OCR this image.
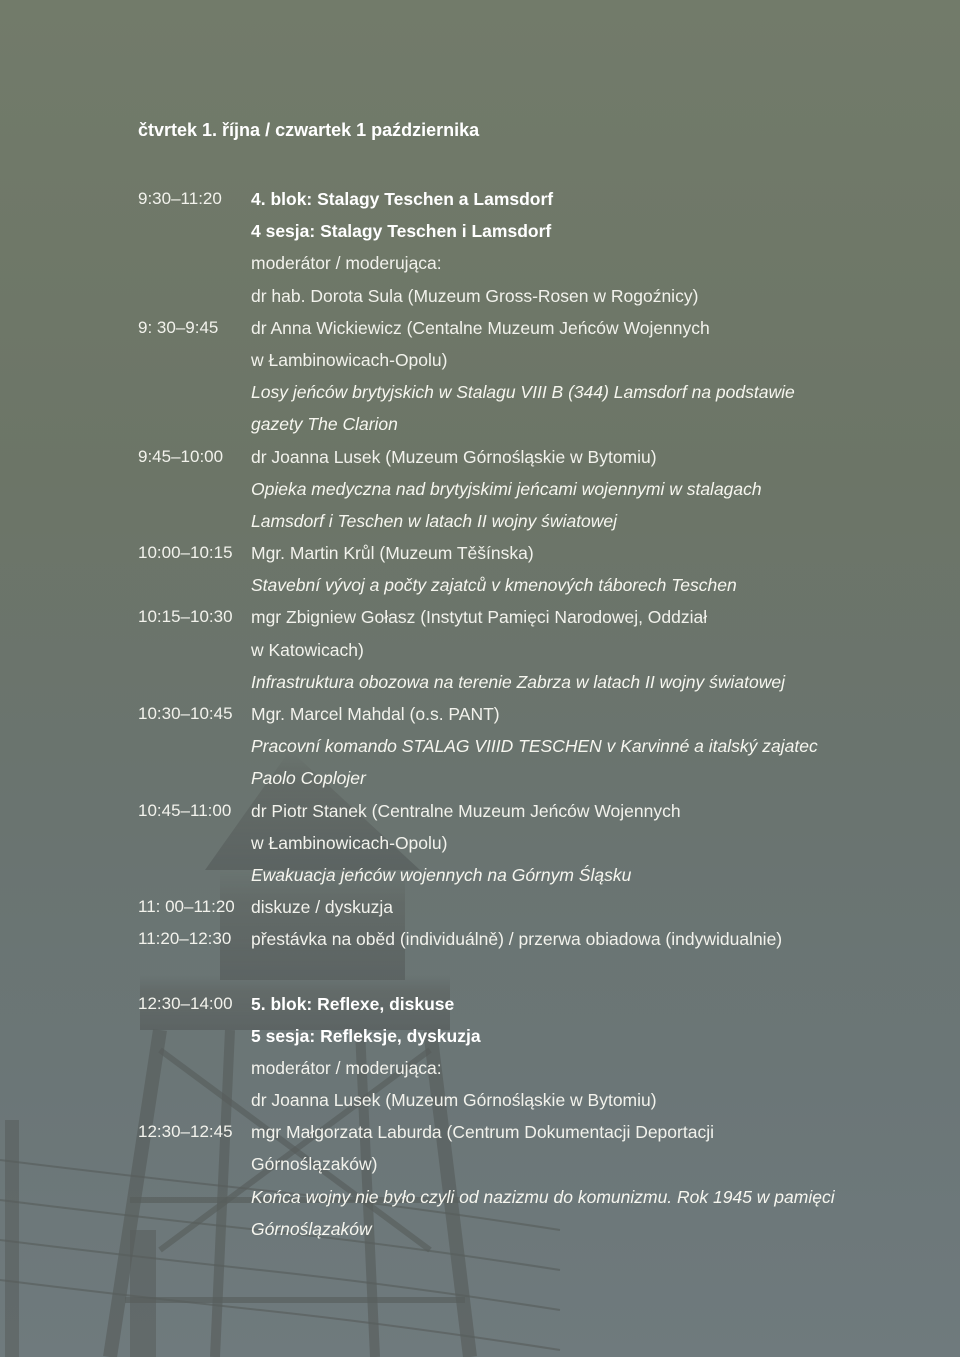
čtvrtek 1. října / czwartek 1 października
9:30–11:20 4. blok: Stalagy Teschen a Lamsdorf
4 sesja: Stalagy Teschen i Lamsdorf
moderátor / moderująca:
dr hab. Dorota Sula (Muzeum Gross-Rosen w Rogoźnicy)
9: 30–9:45 dr Anna Wickiewicz (Centalne Muzeum Jeńców Wojennych
w Łambinowicach-Opolu)
Losy jeńców brytyjskich w Stalagu VIII B (344) Lamsdorf na podstawie
gazety The Clarion
9:45–10:00 dr Joanna Lusek (Muzeum Górnośląskie w Bytomiu)
Opieka medyczna nad brytyjskimi jeńcami wojennymi w stalagach
Lamsdorf i Teschen w latach II wojny światowej
10:00–10:15 Mgr. Martin Krůl (Muzeum Těšínska)
Stavební vývoj a počty zajatců v kmenových táborech Teschen
10:15–10:30 mgr Zbigniew Gołasz (Instytut Pamięci Narodowej, Oddział
w Katowicach)
Infrastruktura obozowa na terenie Zabrza w latach II wojny światowej
10:30–10:45 Mgr. Marcel Mahdal (o.s. PANT)
Pracovní komando STALAG VIIID TESCHEN v Karvinné a italský zajatec
Paolo Coplojer
10:45–11:00 dr Piotr Stanek (Centralne Muzeum Jeńców Wojennych
w Łambinowicach-Opolu)
Ewakuacja jeńców wojennych na Górnym Śląsku
11: 00–11:20 diskuze / dyskuzja
11:20–12:30 přestávka na oběd (individuálně) / przerwa obiadowa (indywidualnie)
12:30–14:00 5. blok: Reflexe, diskuse
5 sesja: Refleksje, dyskuzja
moderátor / moderująca:
dr Joanna Lusek (Muzeum Górnośląskie w Bytomiu)
12:30–12:45 mgr Małgorzata Laburda (Centrum Dokumentacji Deportacji
Górnoślązaków)
Końca wojny nie było czyli od nazizmu do komunizmu. Rok 1945 w pamięci
Górnoślązaków
